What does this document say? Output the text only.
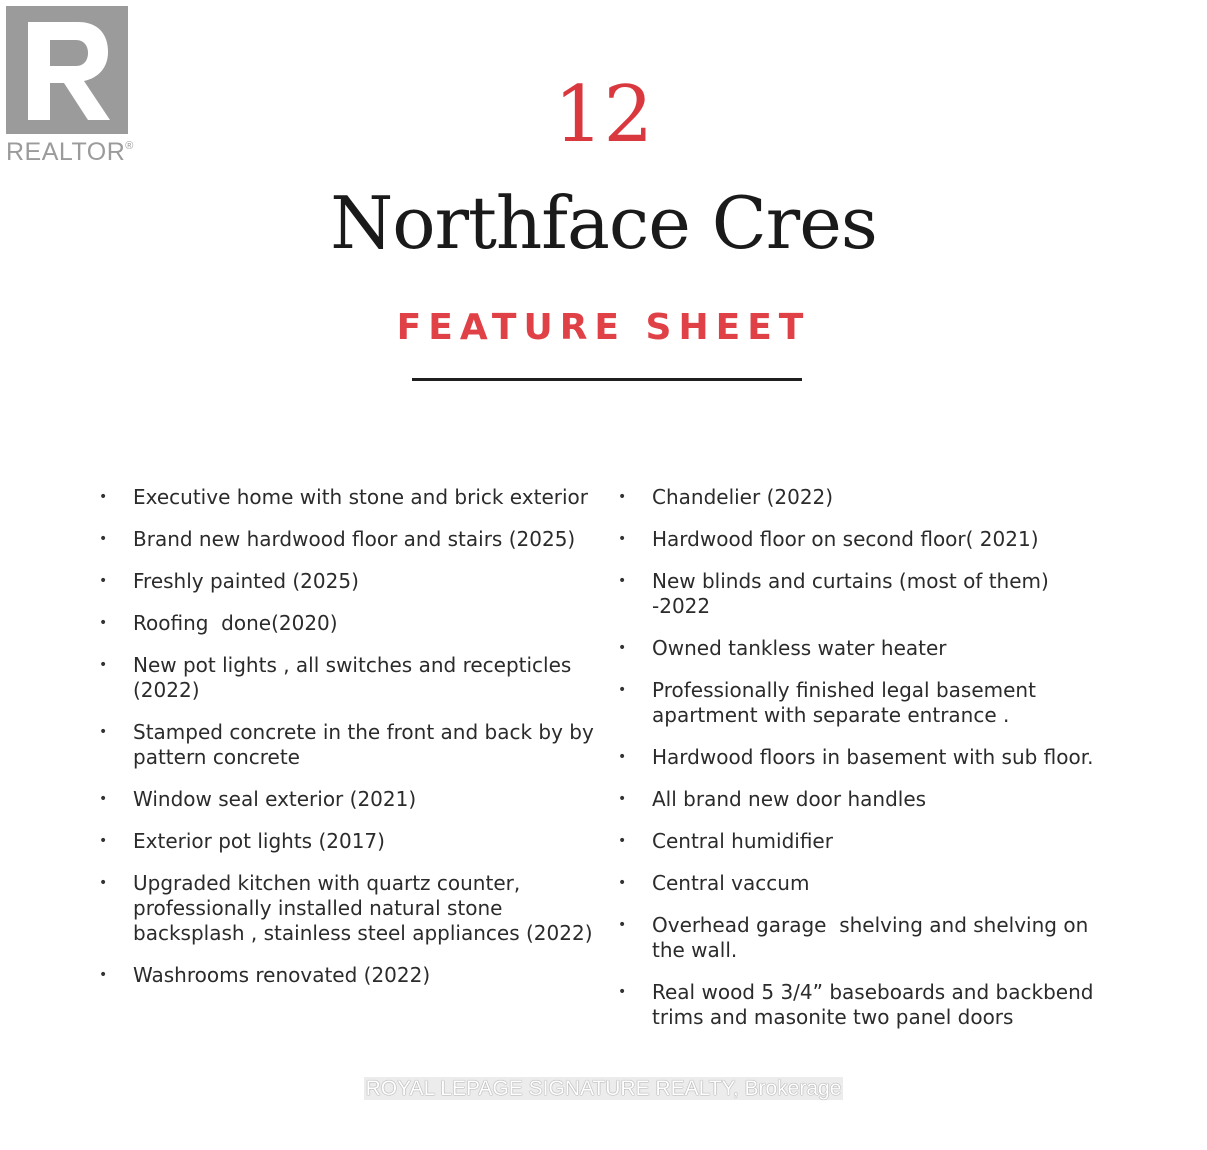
REALTOR®	12
Northface Cres
FEATURE SHEET
• Executive home with stone and brick exterior
• Brand new hardwood floor and stairs (2025)
• Freshly painted (2025)
• Roofing  done(2020)
• New pot lights , all switches and recepticles (2022)
• Stamped concrete in the front and back by by pattern concrete
• Window seal exterior (2021)
• Exterior pot lights (2017)
• Upgraded kitchen with quartz counter, professionally installed natural stone backsplash , stainless steel appliances (2022)
• Washrooms renovated (2022)
• Chandelier (2022)
• Hardwood floor on second floor( 2021)
• New blinds and curtains (most of them) -2022
• Owned tankless water heater
• Professionally finished legal basement apartment with separate entrance .
• Hardwood floors in basement with sub floor.
• All brand new door handles
• Central humidifier
• Central vaccum
• Overhead garage  shelving and shelving on the wall.
• Real wood 5 3/4” baseboards and backbend trims and masonite two panel doors
ROYAL LEPAGE SIGNATURE REALTY, Brokerage
